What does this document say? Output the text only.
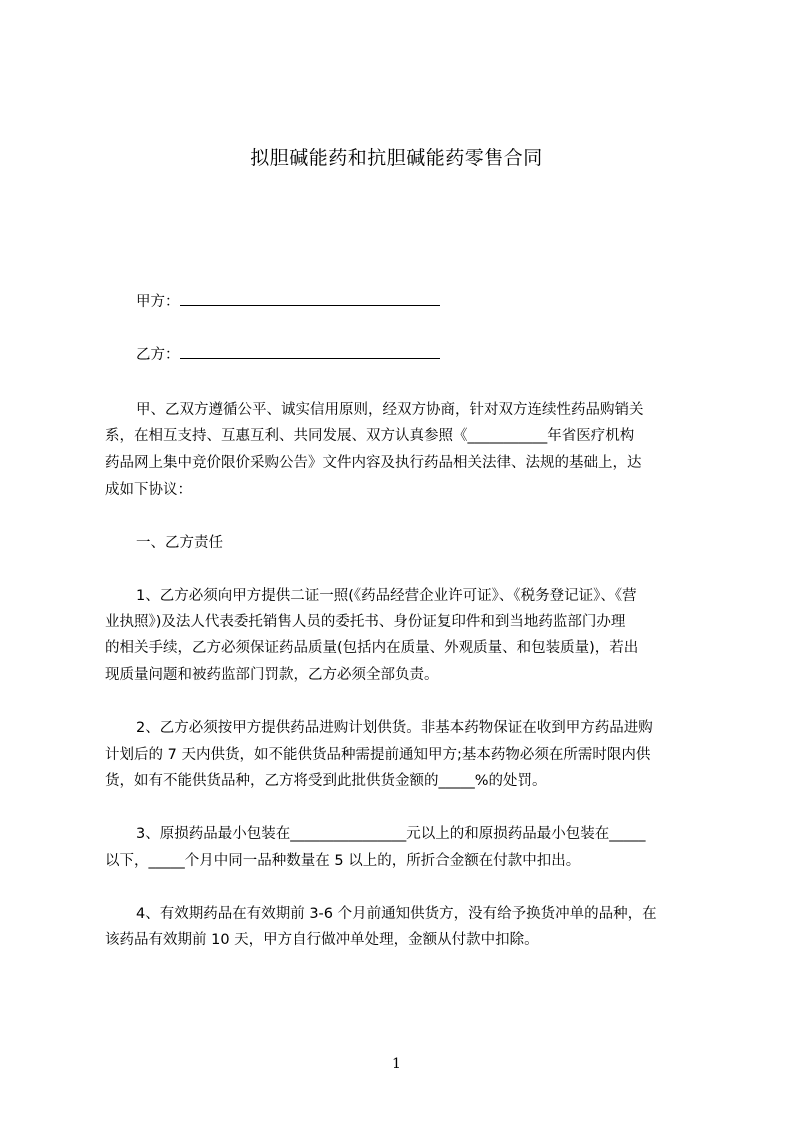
拟胆碱能药和抗胆碱能药零售合同
甲方：
乙方：
甲、乙双方遵循公平、诚实信用原则，经双方协商，针对双方连续性药品购销关
系，在相互支持、互惠互利、共同发展、双方认真参照《___________年省医疗机构
药品网上集中竞价限价采购公告》文件内容及执行药品相关法律、法规的基础上，达
成如下协议：
一、乙方责任
1、乙方必须向甲方提供二证一照(《药品经营企业许可证》、《税务登记证》、《营
业执照》)及法人代表委托销售人员的委托书、身份证复印件和到当地药监部门办理
的相关手续，乙方必须保证药品质量(包括内在质量、外观质量、和包装质量)，若出
现质量问题和被药监部门罚款，乙方必须全部负责。
2、乙方必须按甲方提供药品进购计划供货。非基本药物保证在收到甲方药品进购
计划后的 7 天内供货，如不能供货品种需提前通知甲方;基本药物必须在所需时限内供
货，如有不能供货品种，乙方将受到此批供货金额的_____%的处罚。
3、原损药品最小包装在________________元以上的和原损药品最小包装在_____
以下，_____个月中同一品种数量在 5 以上的，所折合金额在付款中扣出。
4、有效期药品在有效期前 3-6 个月前通知供货方，没有给予换货冲单的品种，在
该药品有效期前 10 天，甲方自行做冲单处理，金额从付款中扣除。
1
